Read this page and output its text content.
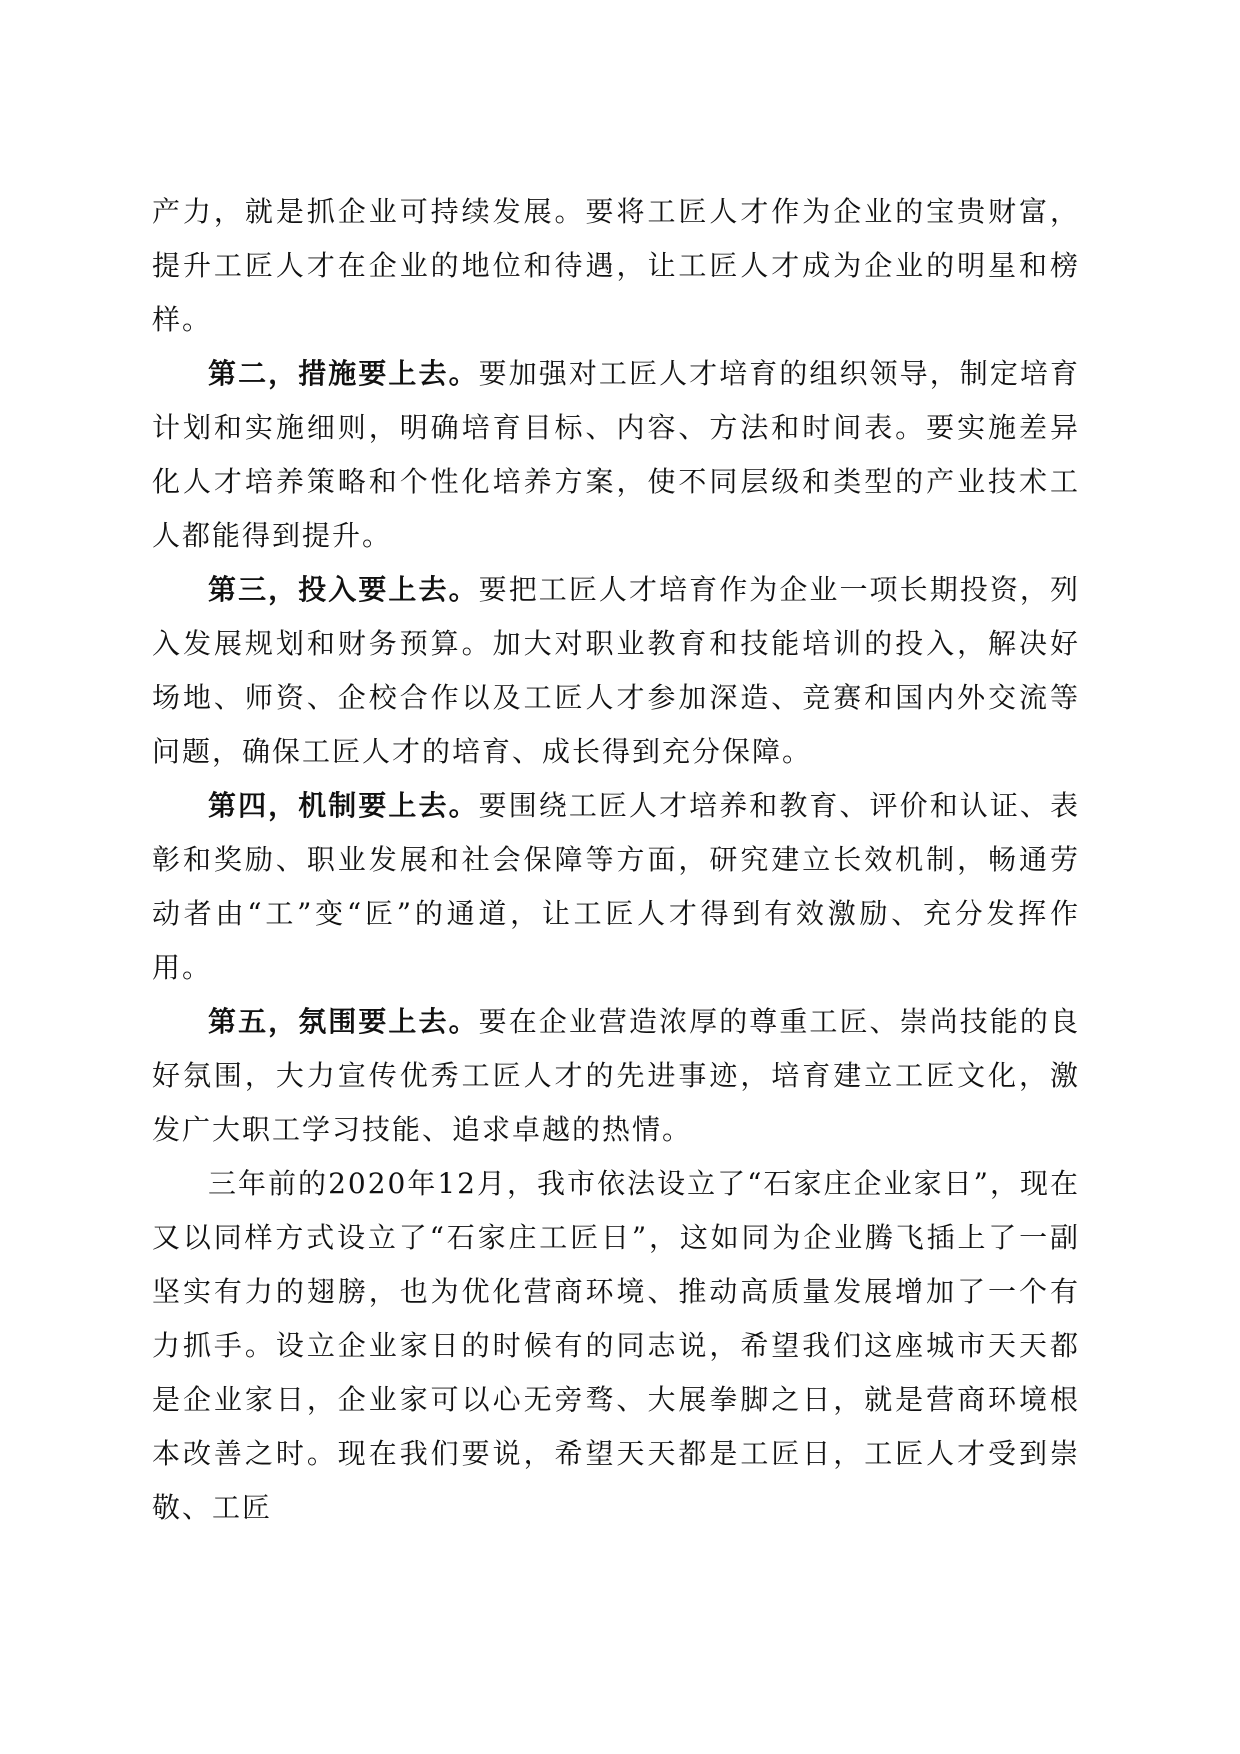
产力，就是抓企业可持续发展。要将工匠人才作为企业的宝贵财富，提升工匠人才在企业的地位和待遇，让工匠人才成为企业的明星和榜样。

第二，措施要上去。要加强对工匠人才培育的组织领导，制定培育计划和实施细则，明确培育目标、内容、方法和时间表。要实施差异化人才培养策略和个性化培养方案，使不同层级和类型的产业技术工人都能得到提升。

第三，投入要上去。要把工匠人才培育作为企业一项长期投资，列入发展规划和财务预算。加大对职业教育和技能培训的投入，解决好场地、师资、企校合作以及工匠人才参加深造、竞赛和国内外交流等问题，确保工匠人才的培育、成长得到充分保障。

第四，机制要上去。要围绕工匠人才培养和教育、评价和认证、表彰和奖励、职业发展和社会保障等方面，研究建立长效机制，畅通劳动者由“工”变“匠”的通道，让工匠人才得到有效激励、充分发挥作用。

第五，氛围要上去。要在企业营造浓厚的尊重工匠、崇尚技能的良好氛围，大力宣传优秀工匠人才的先进事迹，培育建立工匠文化，激发广大职工学习技能、追求卓越的热情。

三年前的2020年12月，我市依法设立了“石家庄企业家日”，现在又以同样方式设立了“石家庄工匠日”，这如同为企业腾飞插上了一副坚实有力的翅膀，也为优化营商环境、推动高质量发展增加了一个有力抓手。设立企业家日的时候有的同志说，希望我们这座城市天天都是企业家日，企业家可以心无旁骛、大展拳脚之日，就是营商环境根本改善之时。现在我们要说，希望天天都是工匠日，工匠人才受到崇敬、工匠
